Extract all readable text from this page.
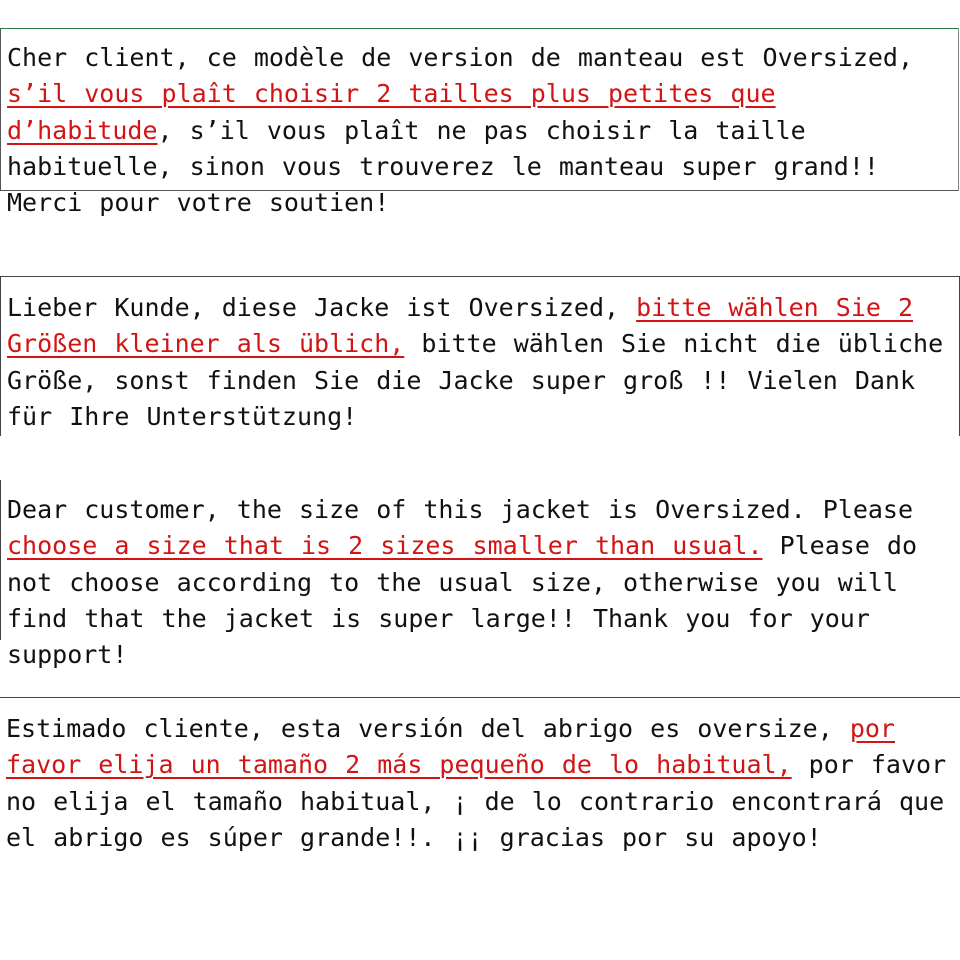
Cher client, ce modèle de version de manteau est Oversized, s’il vous plaît choisir 2 tailles plus petites que d’habitude, s’il vous plaît ne pas choisir la taille habituelle, sinon vous trouverez le manteau super grand!! Merci pour votre soutien!

Lieber Kunde, diese Jacke ist Oversized, bitte wählen Sie 2 Größen kleiner als üblich, bitte wählen Sie nicht die übliche Größe, sonst finden Sie die Jacke super groß !! Vielen Dank für Ihre Unterstützung!

Dear customer, the size of this jacket is Oversized. Please choose a size that is 2 sizes smaller than usual. Please do not choose according to the usual size, otherwise you will find that the jacket is super large!! Thank you for your support!

Estimado cliente, esta versión del abrigo es oversize, por favor elija un tamaño 2 más pequeño de lo habitual, por favor no elija el tamaño habitual, ¡ de lo contrario encontrará que el abrigo es súper grande!!. ¡¡ gracias por su apoyo!
